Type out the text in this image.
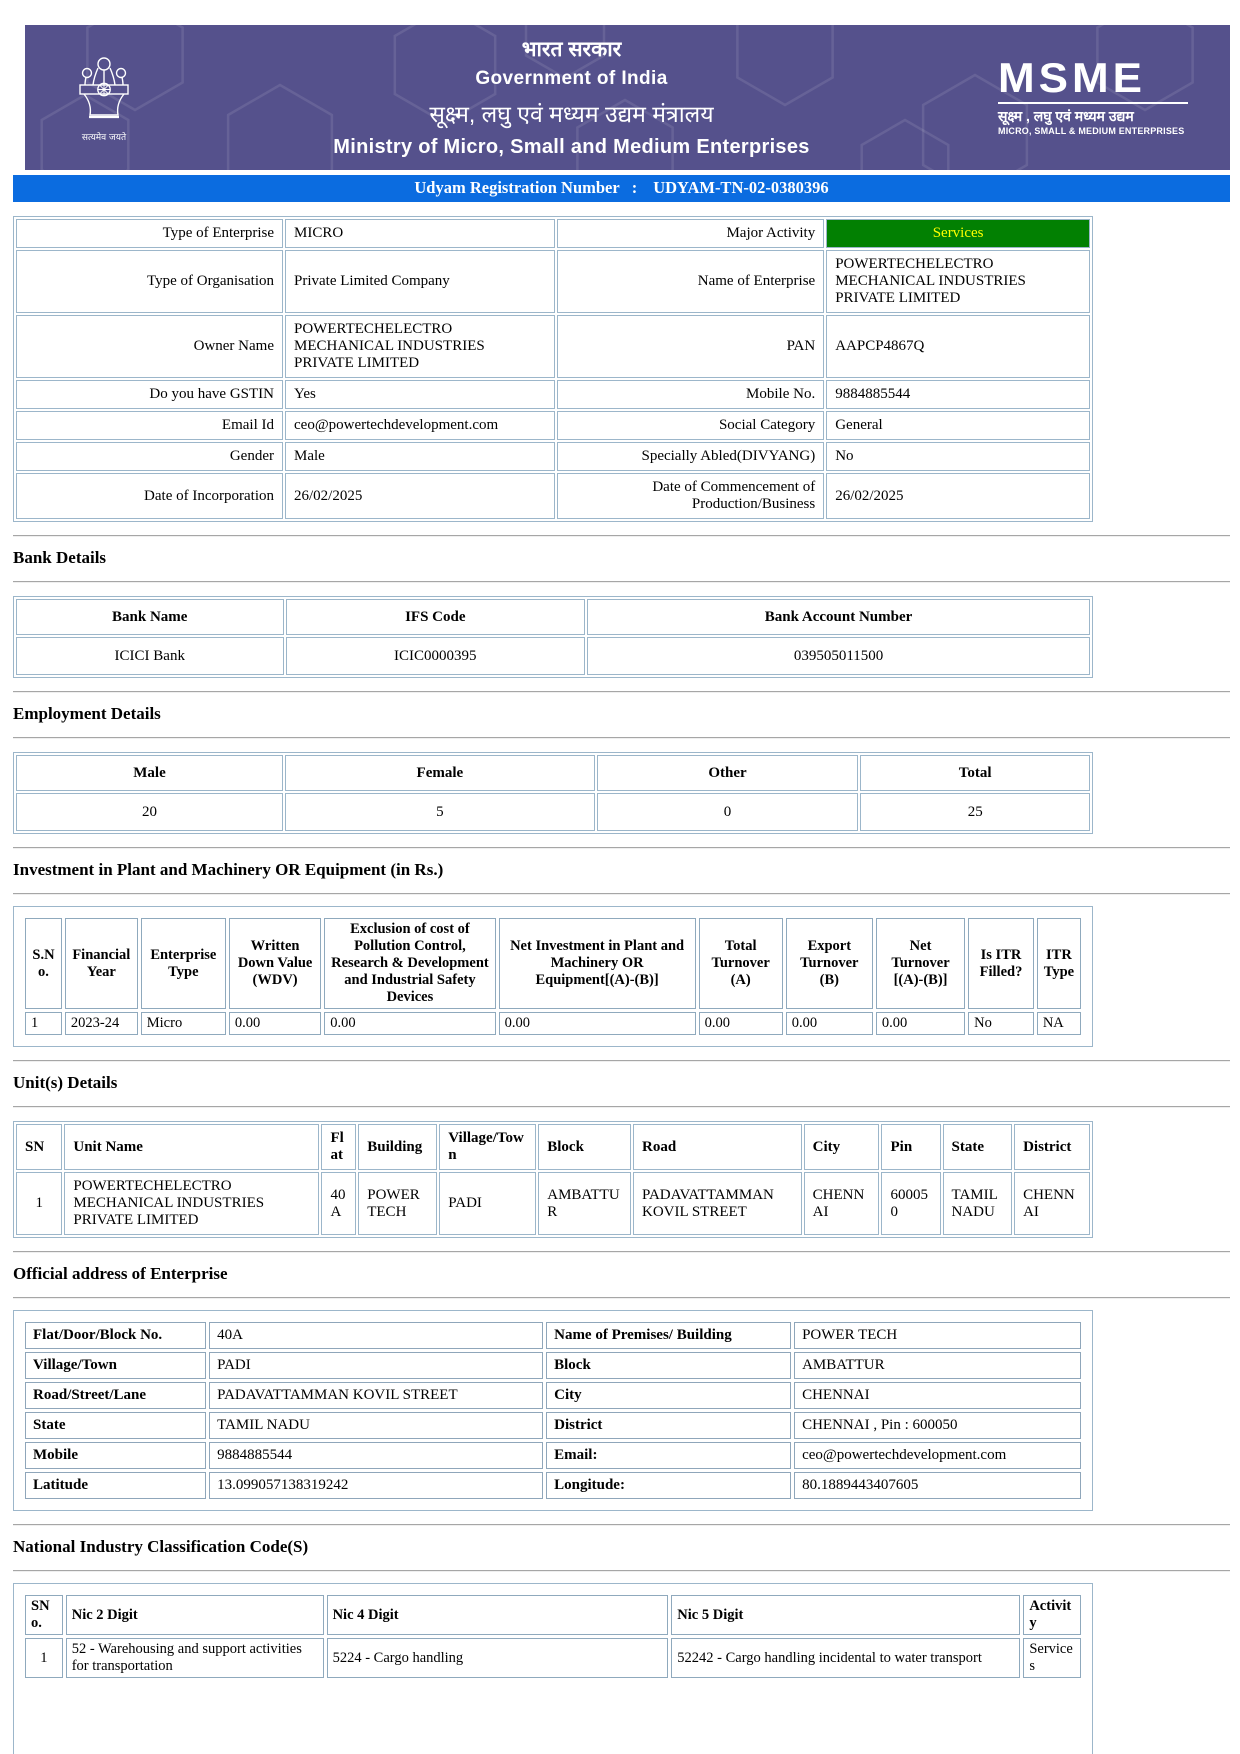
सत्यमेव जयते
भारत सरकार
Government of India
सूक्ष्म, लघु एवं मध्यम उद्यम मंत्रालय
Ministry of Micro, Small and Medium Enterprises
MSME
सूक्ष्म , लघु एवं मध्यम उद्यम
MICRO, SMALL & MEDIUM ENTERPRISES
Udyam Registration Number : UDYAM-TN-02-0380396
Type of Enterprise	MICRO	Major Activity	Services
Type of Organisation	Private Limited Company	Name of Enterprise	POWERTECHELECTRO MECHANICAL INDUSTRIES PRIVATE LIMITED
Owner Name	POWERTECHELECTRO MECHANICAL INDUSTRIES PRIVATE LIMITED	PAN	AAPCP4867Q
Do you have GSTIN	Yes	Mobile No.	9884885544
Email Id	ceo@powertechdevelopment.com	Social Category	General
Gender	Male	Specially Abled(DIVYANG)	No
Date of Incorporation	26/02/2025	Date of Commencement of Production/Business	26/02/2025
Bank Details
Bank Name	IFS Code	Bank Account Number
ICICI Bank	ICIC0000395	039505011500
Employment Details
Male	Female	Other	Total
20	5	0	25
Investment in Plant and Machinery OR Equipment (in Rs.)
S.No.	Financial Year	Enterprise Type	Written Down Value (WDV)	Exclusion of cost of Pollution Control, Research & Development and Industrial Safety Devices	Net Investment in Plant and Machinery OR Equipment[(A)-(B)]	Total Turnover (A)	Export Turnover (B)	Net Turnover [(A)-(B)]	Is ITR Filled?	ITR Type
1	2023-24	Micro	0.00	0.00	0.00	0.00	0.00	0.00	No	NA
Unit(s) Details
SN	Unit Name	Flat	Building	Village/Town	Block	Road	City	Pin	State	District
1	POWERTECHELECTRO MECHANICAL INDUSTRIES PRIVATE LIMITED	40A	POWER TECH	PADI	AMBATTUR	PADAVATTAMMAN KOVIL STREET	CHENNAI	600050	TAMIL NADU	CHENNAI
Official address of Enterprise
Flat/Door/Block No.	40A	Name of Premises/ Building	POWER TECH
Village/Town	PADI	Block	AMBATTUR
Road/Street/Lane	PADAVATTAMMAN KOVIL STREET	City	CHENNAI
State	TAMIL NADU	District	CHENNAI , Pin : 600050
Mobile	9884885544	Email:	ceo@powertechdevelopment.com
Latitude	13.099057138319242	Longitude:	80.1889443407605
National Industry Classification Code(S)
SNo.	Nic 2 Digit	Nic 4 Digit	Nic 5 Digit	Activity
1	52 - Warehousing and support activities for transportation	5224 - Cargo handling	52242 - Cargo handling incidental to water transport	Services
